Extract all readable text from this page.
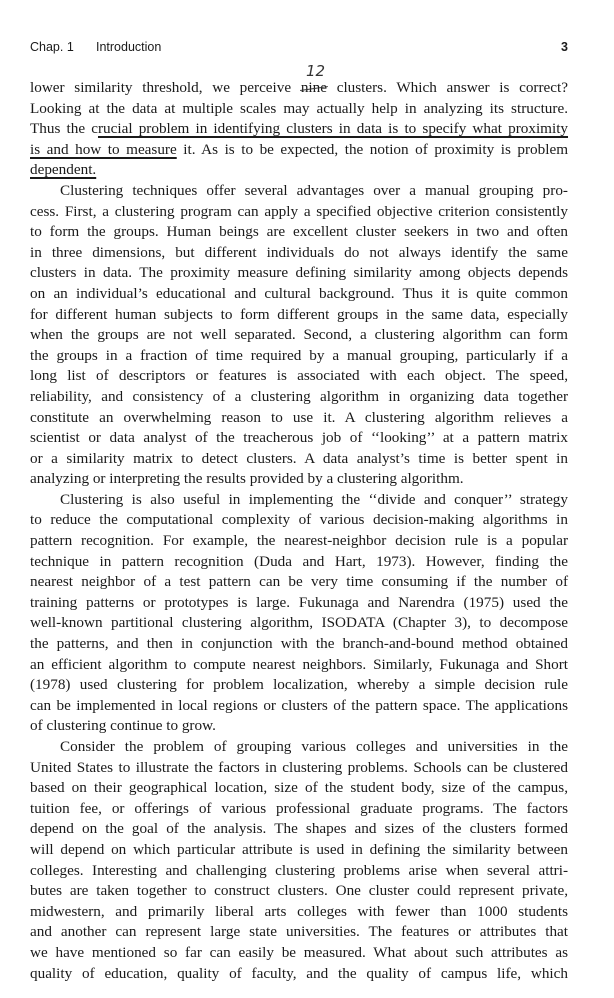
Chap. 1 Introduction	3
12
lower similarity threshold, we perceive nine clusters. Which answer is correct?
Looking at the data at multiple scales may actually help in analyzing its structure.
Thus the crucial problem in identifying clusters in data is to specify what proximity
is and how to measure it. As is to be expected, the notion of proximity is problem
dependent.
Clustering techniques offer several advantages over a manual grouping pro-
cess. First, a clustering program can apply a specified objective criterion consistently
to form the groups. Human beings are excellent cluster seekers in two and often
in three dimensions, but different individuals do not always identify the same
clusters in data. The proximity measure defining similarity among objects depends
on an individual’s educational and cultural background. Thus it is quite common
for different human subjects to form different groups in the same data, especially
when the groups are not well separated. Second, a clustering algorithm can form
the groups in a fraction of time required by a manual grouping, particularly if a
long list of descriptors or features is associated with each object. The speed,
reliability, and consistency of a clustering algorithm in organizing data together
constitute an overwhelming reason to use it. A clustering algorithm relieves a
scientist or data analyst of the treacherous job of ‘‘looking’’ at a pattern matrix
or a similarity matrix to detect clusters. A data analyst’s time is better spent in
analyzing or interpreting the results provided by a clustering algorithm.
Clustering is also useful in implementing the ‘‘divide and conquer’’ strategy
to reduce the computational complexity of various decision-making algorithms in
pattern recognition. For example, the nearest-neighbor decision rule is a popular
technique in pattern recognition (Duda and Hart, 1973). However, finding the
nearest neighbor of a test pattern can be very time consuming if the number of
training patterns or prototypes is large. Fukunaga and Narendra (1975) used the
well-known partitional clustering algorithm, ISODATA (Chapter 3), to decompose
the patterns, and then in conjunction with the branch-and-bound method obtained
an efficient algorithm to compute nearest neighbors. Similarly, Fukunaga and Short
(1978) used clustering for problem localization, whereby a simple decision rule
can be implemented in local regions or clusters of the pattern space. The applications
of clustering continue to grow.
Consider the problem of grouping various colleges and universities in the
United States to illustrate the factors in clustering problems. Schools can be clustered
based on their geographical location, size of the student body, size of the campus,
tuition fee, or offerings of various professional graduate programs. The factors
depend on the goal of the analysis. The shapes and sizes of the clusters formed
will depend on which particular attribute is used in defining the similarity between
colleges. Interesting and challenging clustering problems arise when several attri-
butes are taken together to construct clusters. One cluster could represent private,
midwestern, and primarily liberal arts colleges with fewer than 1000 students
and another can represent large state universities. The features or attributes that
we have mentioned so far can easily be measured. What about such attributes as
quality of education, quality of faculty, and the quality of campus life, which
